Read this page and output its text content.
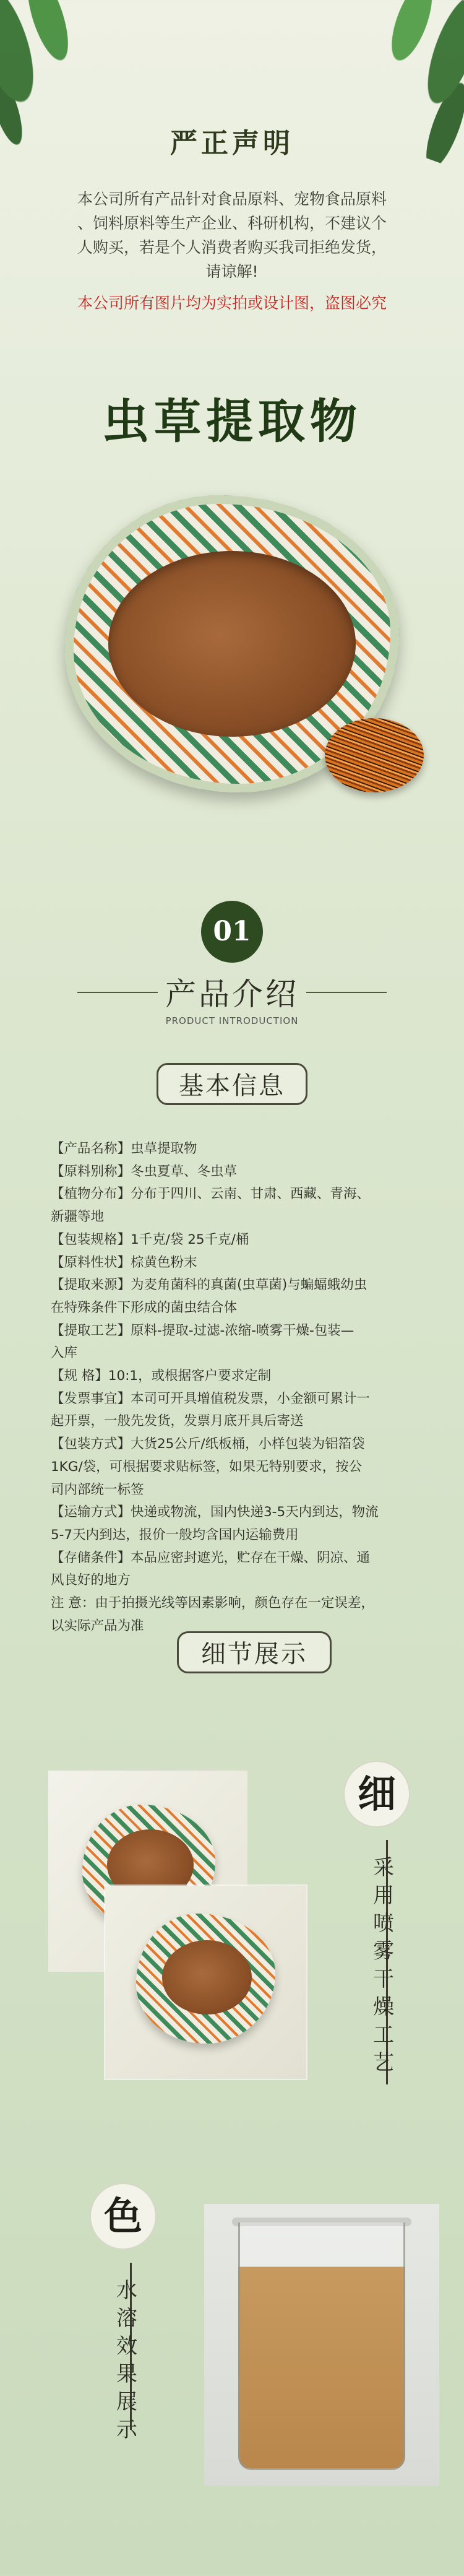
严正声明
本公司所有产品针对食品原料、宠物食品原料
、饲料原料等生产企业、科研机构，不建议个
人购买，若是个人消费者购买我司拒绝发货，
请谅解!
本公司所有图片均为实拍或设计图，盗图必究
虫草提取物
01
产品介绍
PRODUCT INTRODUCTION
基本信息
【产品名称】虫草提取物
【原料别称】冬虫夏草、冬虫草
【植物分布】分布于四川、云南、甘肃、西藏、青海、
新疆等地
【包装规格】1千克/袋 25千克/桶
【原料性状】棕黄色粉末
【提取来源】为麦角菌科的真菌(虫草菌)与蝙蝠蛾幼虫
在特殊条件下形成的菌虫结合体
【提取工艺】原料-提取-过滤-浓缩-喷雾干燥-包装—
入库
【规 格】10:1，或根据客户要求定制
【发票事宜】本司可开具增值税发票，小金额可累计一
起开票，一般先发货，发票月底开具后寄送
【包装方式】大货25公斤/纸板桶，小样包装为铝箔袋
1KG/袋，可根据要求贴标签，如果无特别要求，按公
司内部统一标签
【运输方式】快递或物流，国内快递3-5天内到达，物流
5-7天内到达，报价一般均含国内运输费用
【存储条件】本品应密封遮光，贮存在干燥、阴凉、通
风良好的地方
注 意：由于拍摄光线等因素影响，颜色存在一定误差，
以实际产品为准
细节展示
细
采用喷雾干燥工艺
色
水溶效果展示
